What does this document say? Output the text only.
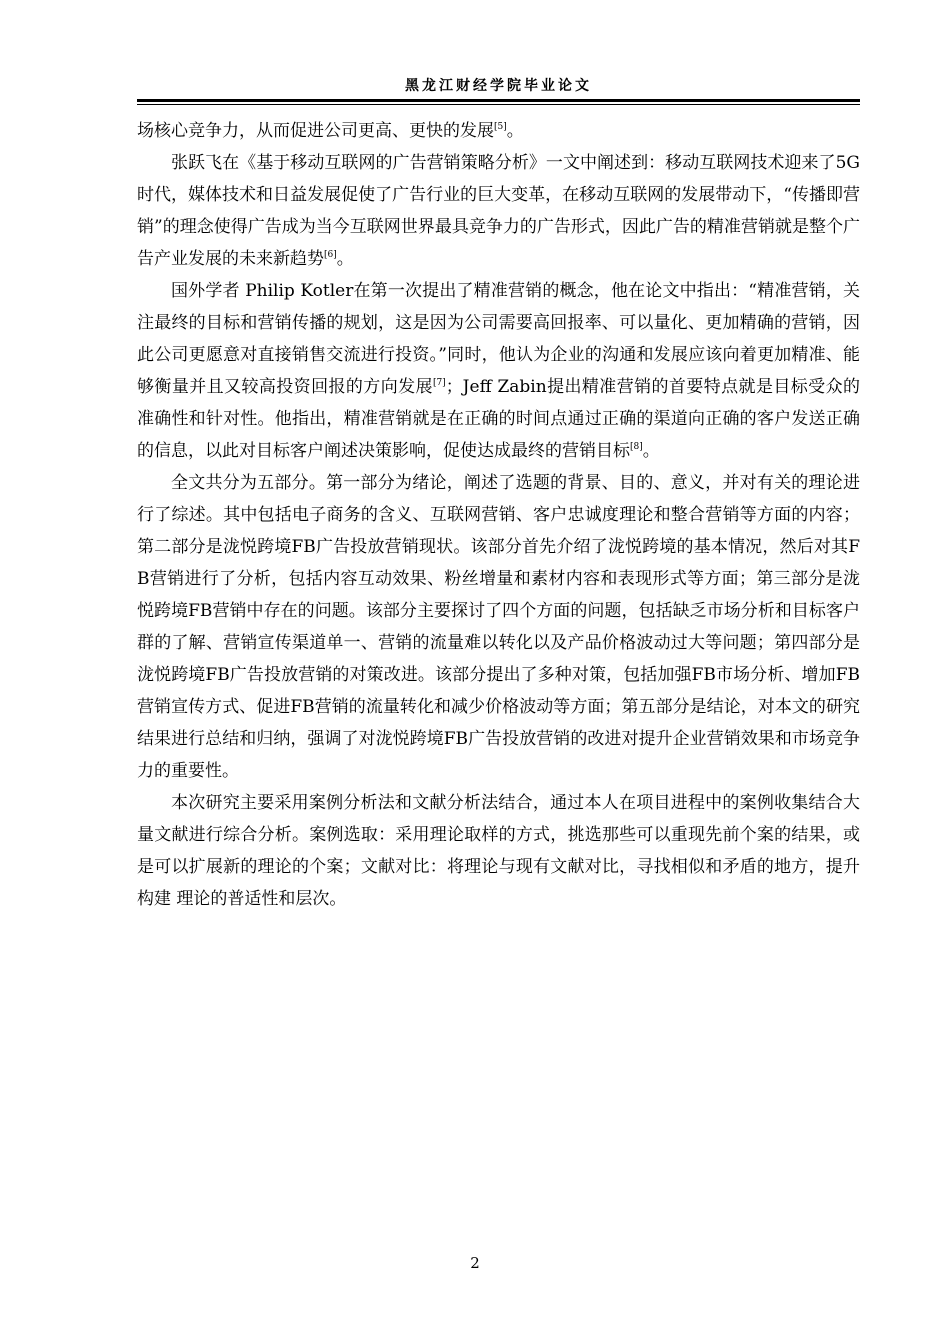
黑龙江财经学院毕业论文

场核心竞争力，从而促进公司更高、更快的发展[5]。

张跃飞在《基于移动互联网的广告营销策略分析》一文中阐述到：移动互联网技术迎来了5G时代，媒体技术和日益发展促使了广告行业的巨大变革，在移动互联网的发展带动下，“传播即营销”的理念使得广告成为当今互联网世界最具竞争力的广告形式，因此广告的精准营销就是整个广告产业发展的未来新趋势[6]。

国外学者 Philip Kotler在第一次提出了精准营销的概念，他在论文中指出：“精准营销，关注最终的目标和营销传播的规划，这是因为公司需要高回报率、可以量化、更加精确的营销，因此公司更愿意对直接销售交流进行投资。”同时，他认为企业的沟通和发展应该向着更加精准、能够衡量并且又较高投资回报的方向发展[7]；Jeff Zabin提出精准营销的首要特点就是目标受众的准确性和针对性。他指出，精准营销就是在正确的时间点通过正确的渠道向正确的客户发送正确的信息，以此对目标客户阐述决策影响，促使达成最终的营销目标[8]。

全文共分为五部分。第一部分为绪论，阐述了选题的背景、目的、意义，并对有关的理论进行了综述。其中包括电子商务的含义、互联网营销、客户忠诚度理论和整合营销等方面的内容；第二部分是泷悦跨境FB广告投放营销现状。该部分首先介绍了泷悦跨境的基本情况，然后对其FB营销进行了分析，包括内容互动效果、粉丝增量和素材内容和表现形式等方面；第三部分是泷悦跨境FB营销中存在的问题。该部分主要探讨了四个方面的问题，包括缺乏市场分析和目标客户群的了解、营销宣传渠道单一、营销的流量难以转化以及产品价格波动过大等问题；第四部分是泷悦跨境FB广告投放营销的对策改进。该部分提出了多种对策，包括加强FB市场分析、增加FB营销宣传方式、促进FB营销的流量转化和减少价格波动等方面；第五部分是结论，对本文的研究结果进行总结和归纳，强调了对泷悦跨境FB广告投放营销的改进对提升企业营销效果和市场竞争力的重要性。

本次研究主要采用案例分析法和文献分析法结合，通过本人在项目进程中的案例收集结合大量文献进行综合分析。案例选取：采用理论取样的方式，挑选那些可以重现先前个案的结果，或是可以扩展新的理论的个案；文献对比：将理论与现有文献对比，寻找相似和矛盾的地方，提升构建 理论的普适性和层次。

2
